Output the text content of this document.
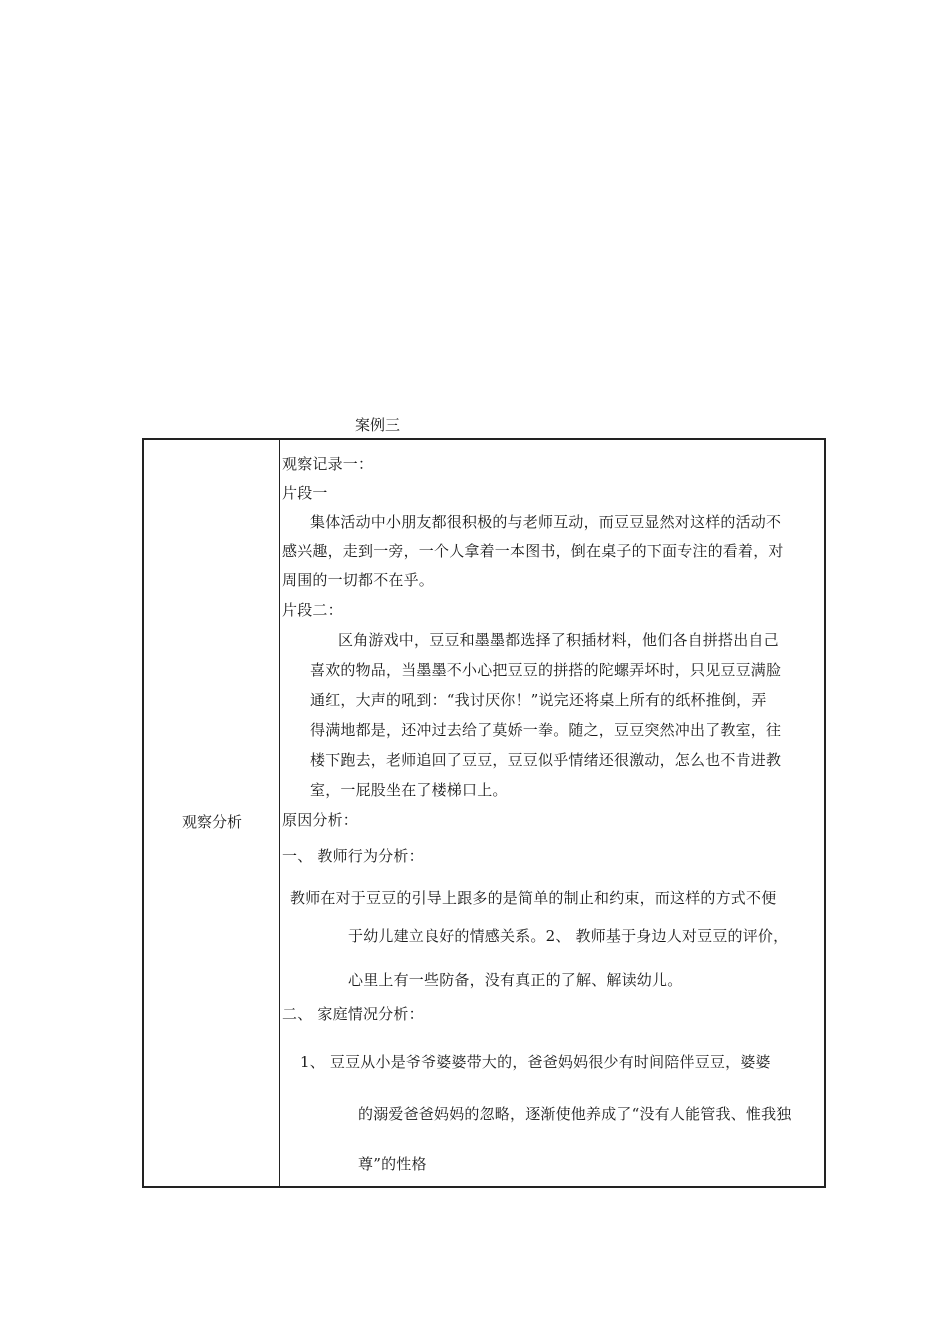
案例三
观察分析
观察记录一：
片段一
集体活动中小朋友都很积极的与老师互动，而豆豆显然对这样的活动不
感兴趣，走到一旁，一个人拿着一本图书，倒在桌子的下面专注的看着，对
周围的一切都不在乎。
片段二：
区角游戏中，豆豆和墨墨都选择了积插材料，他们各自拼搭出自己
喜欢的物品，当墨墨不小心把豆豆的拼搭的陀螺弄坏时，只见豆豆满脸
通红，大声的吼到：“我讨厌你！”说完还将桌上所有的纸杯推倒，弄
得满地都是，还冲过去给了莫娇一拳。随之，豆豆突然冲出了教室，往
楼下跑去，老师追回了豆豆，豆豆似乎情绪还很激动，怎么也不肯进教
室，一屁股坐在了楼梯口上。
原因分析：
一、 教师行为分析：
教师在对于豆豆的引导上跟多的是简单的制止和约束，而这样的方式不便
于幼儿建立良好的情感关系。2、 教师基于身边人对豆豆的评价，
心里上有一些防备，没有真正的了解、解读幼儿。
二、 家庭情况分析：
1、 豆豆从小是爷爷婆婆带大的，爸爸妈妈很少有时间陪伴豆豆，婆婆
的溺爱爸爸妈妈的忽略，逐渐使他养成了“没有人能管我、惟我独
尊”的性格
